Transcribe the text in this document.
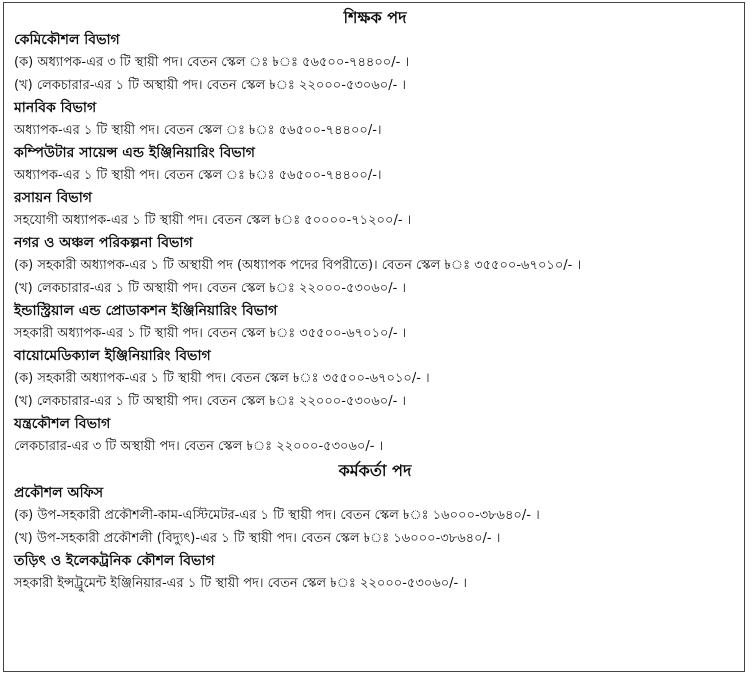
শিক্ষক পদ
কেমিকৌশল বিভাগ
(ক) অধ্যাপক-এর ৩ টি স্থায়ী পদ। বেতন স্কেল ঃ ৳ঃ ৫৬৫০০-৭৪৪০০/- ।
(খ) লেকচারার-এর ১ টি অস্থায়ী পদ। বেতন স্কেল ৳ঃ ২২০০০-৫৩০৬০/- ।
মানবিক বিভাগ
অধ্যাপক-এর ১ টি স্থায়ী পদ। বেতন স্কেল ঃ ৳ঃ ৫৬৫০০-৭৪৪০০/-।
কম্পিউটার সায়েন্স এন্ড ইঞ্জিনিয়ারিং বিভাগ
অধ্যাপক-এর ১ টি স্থায়ী পদ। বেতন স্কেল ঃ ৳ঃ ৫৬৫০০-৭৪৪০০/-।
রসায়ন বিভাগ
সহযোগী অধ্যাপক-এর ১ টি স্থায়ী পদ। বেতন স্কেল ৳ঃ ৫০০০০-৭১২০০/- ।
নগর ও অঞ্চল পরিকল্পনা বিভাগ
(ক) সহকারী অধ্যাপক-এর ১ টি অস্থায়ী পদ (অধ্যাপক পদের বিপরীতে)। বেতন স্কেল ৳ঃ ৩৫৫০০-৬৭০১০/- ।
(খ) লেকচারার-এর ১ টি অস্থায়ী পদ। বেতন স্কেল ৳ঃ ২২০০০-৫৩০৬০/- ।
ইন্ডাস্ট্রিয়াল এন্ড প্রোডাকশন ইঞ্জিনিয়ারিং বিভাগ
সহকারী অধ্যাপক-এর ১ টি স্থায়ী পদ। বেতন স্কেল ৳ঃ ৩৫৫০০-৬৭০১০/- ।
বায়োমেডিক্যাল ইঞ্জিনিয়ারিং বিভাগ
(ক) সহকারী অধ্যাপক-এর ১ টি স্থায়ী পদ। বেতন স্কেল ৳ঃ ৩৫৫০০-৬৭০১০/- ।
(খ) লেকচারার-এর ১ টি অস্থায়ী পদ। বেতন স্কেল ৳ঃ ২২০০০-৫৩০৬০/- ।
যন্ত্রকৌশল বিভাগ
লেকচারার-এর ৩ টি অস্থায়ী পদ। বেতন স্কেল ৳ঃ ২২০০০-৫৩০৬০/- ।
কর্মকর্তা পদ
প্রকৌশল অফিস
(ক) উপ-সহকারী প্রকৌশলী-কাম-এস্টিমেটর-এর ১ টি স্থায়ী পদ। বেতন স্কেল ৳ঃ ১৬০০০-৩৮৬৪০/- ।
(খ) উপ-সহকারী প্রকৌশলী (বিদ্যুৎ)-এর ১ টি স্থায়ী পদ। বেতন স্কেল ৳ঃ ১৬০০০-৩৮৬৪০/- ।
তড়িৎ ও ইলেকট্রনিক কৌশল বিভাগ
সহকারী ইন্সট্রুমেন্ট ইঞ্জিনিয়ার-এর ১ টি স্থায়ী পদ। বেতন স্কেল ৳ঃ ২২০০০-৫৩০৬০/- ।
